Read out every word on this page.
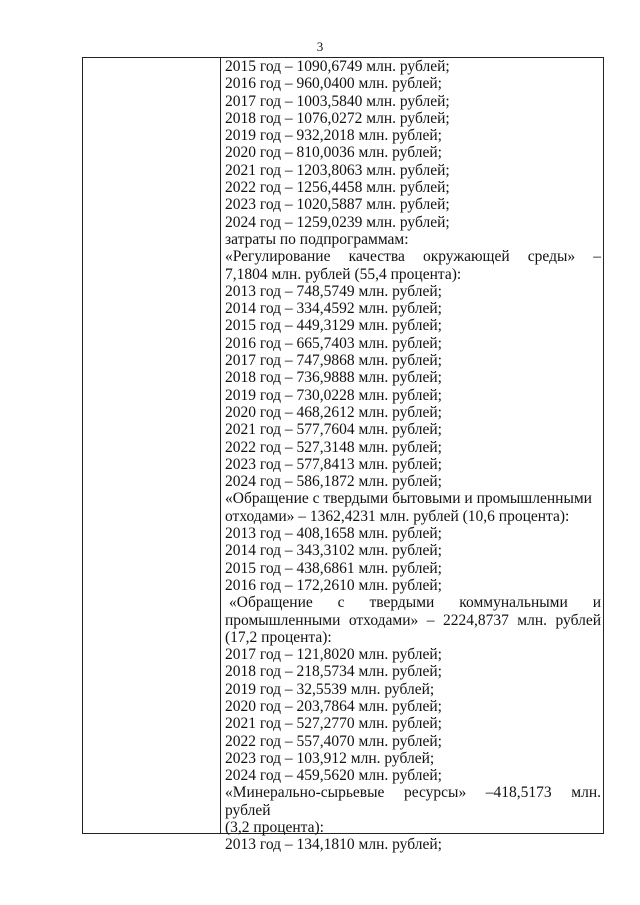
3
2015 год – 1090,6749 млн. рублей;
2016 год – 960,0400 млн. рублей;
2017 год – 1003,5840 млн. рублей;
2018 год – 1076,0272 млн. рублей;
2019 год – 932,2018 млн. рублей;
2020 год – 810,0036 млн. рублей;
2021 год – 1203,8063 млн. рублей;
2022 год – 1256,4458 млн. рублей;
2023 год – 1020,5887 млн. рублей;
2024 год – 1259,0239 млн. рублей;
затраты по подпрограммам:
«Регулирование качества окружающей среды» –
7,1804 млн. рублей (55,4 процента):
2013 год – 748,5749 млн. рублей;
2014 год – 334,4592 млн. рублей;
2015 год – 449,3129 млн. рублей;
2016 год – 665,7403 млн. рублей;
2017 год – 747,9868 млн. рублей;
2018 год – 736,9888 млн. рублей;
2019 год – 730,0228 млн. рублей;
2020 год – 468,2612 млн. рублей;
2021 год – 577,7604 млн. рублей;
2022 год – 527,3148 млн. рублей;
2023 год – 577,8413 млн. рублей;
2024 год – 586,1872 млн. рублей;
«Обращение с твердыми бытовыми и промышленными
отходами» – 1362,4231 млн. рублей (10,6 процента):
2013 год – 408,1658 млн. рублей;
2014 год – 343,3102 млн. рублей;
2015 год – 438,6861 млн. рублей;
2016 год – 172,2610 млн. рублей;
«Обращение с твердыми коммунальными и
промышленными отходами» – 2224,8737 млн. рублей
(17,2 процента):
2017 год – 121,8020 млн. рублей;
2018 год – 218,5734 млн. рублей;
2019 год – 32,5539 млн. рублей;
2020 год – 203,7864 млн. рублей;
2021 год – 527,2770 млн. рублей;
2022 год – 557,4070 млн. рублей;
2023 год – 103,912 млн. рублей;
2024 год – 459,5620 млн. рублей;
«Минерально-сырьевые ресурсы» –418,5173 млн. рублей
(3,2 процента):
2013 год – 134,1810 млн. рублей;
